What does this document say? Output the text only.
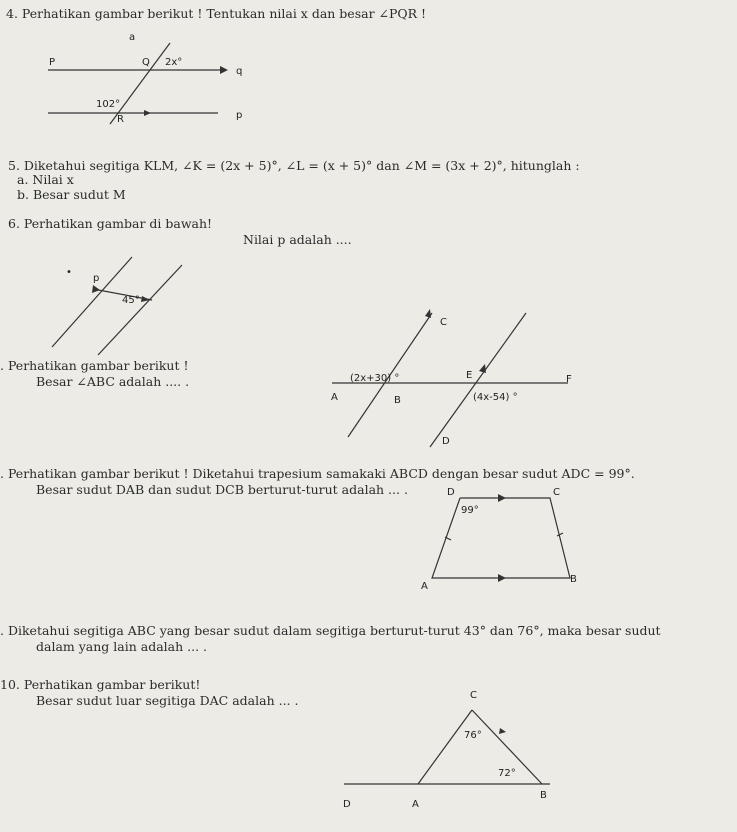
4. Perhatikan gambar berikut ! Tentukan nilai x dan besar ∠PQR !
a
P	Q 2x°
q
102°
R	p
5. Diketahui segitiga KLM, ∠K = (2x + 5)°, ∠L = (x + 5)° dan ∠M = (3x + 2)°, hitunglah :
a. Nilai x
b. Besar sudut M
6. Perhatikan gambar di bawah!
Nilai p adalah ....
•
p
45°
. Perhatikan gambar berikut !
Besar ∠ABC adalah .... .
C
(2x+30) °	E	F
A	B	(4x-54) °
D
. Perhatikan gambar berikut ! Diketahui trapesium samakaki ABCD dengan besar sudut ADC = 99°.
Besar sudut DAB dan sudut DCB berturut-turut adalah ... .	D	C
99°
A
B
. Diketahui segitiga ABC yang besar sudut dalam segitiga berturut-turut 43° dan 76°, maka besar sudut
dalam yang lain adalah ... .
10. Perhatikan gambar berikut!
Besar sudut luar segitiga DAC adalah ... .	C
76°
72°
D	A
B
